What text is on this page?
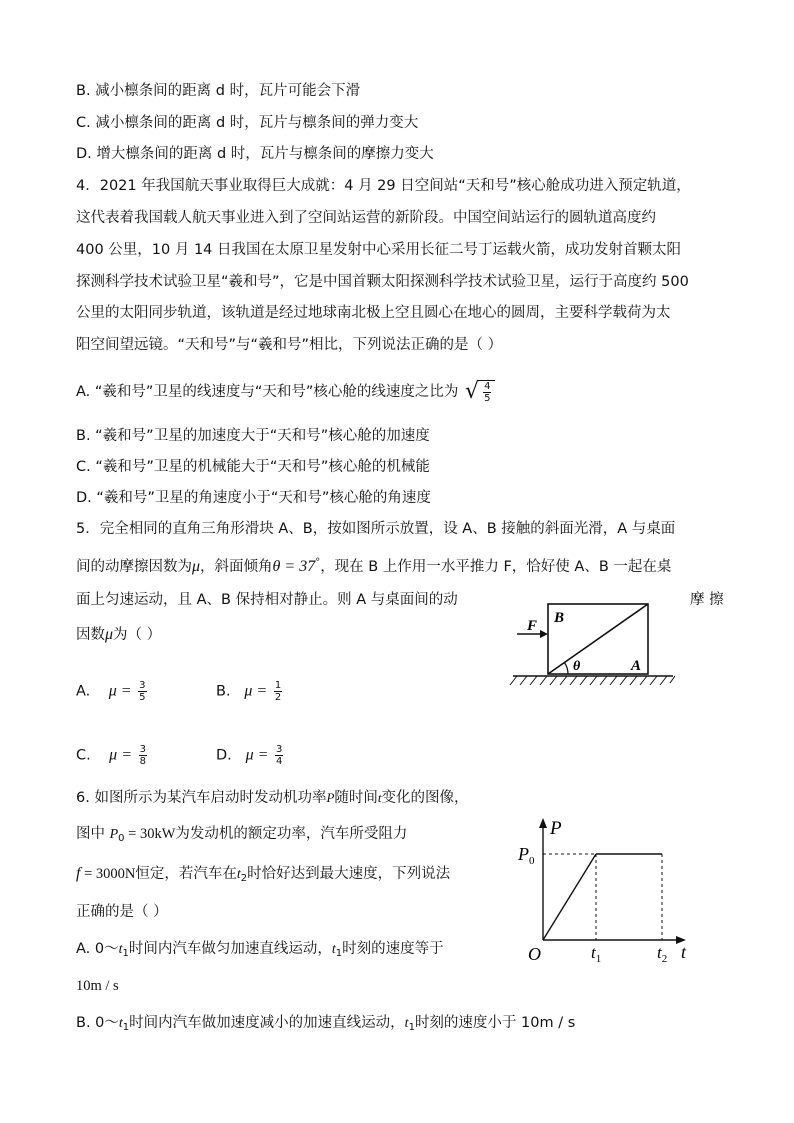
B. 减小檩条间的距离 d 时，瓦片可能会下滑
C. 减小檩条间的距离 d 时，瓦片与檩条间的弹力变大
D. 增大檩条间的距离 d 时，瓦片与檩条间的摩擦力变大
4．2021 年我国航天事业取得巨大成就：4 月 29 日空间站“天和号”核心舱成功进入预定轨道，
这代表着我国载人航天事业进入到了空间站运营的新阶段。中国空间站运行的圆轨道高度约
400 公里，10 月 14 日我国在太原卫星发射中心采用长征二号丁运载火箭，成功发射首颗太阳
探测科学技术试验卫星“羲和号”，它是中国首颗太阳探测科学技术试验卫星，运行于高度约 500
公里的太阳同步轨道，该轨道是经过地球南北极上空且圆心在地心的圆周，主要科学载荷为太
阳空间望远镜。“天和号”与“羲和号”相比，下列说法正确的是（ ）
A. “羲和号”卫星的线速度与“天和号”核心舱的线速度之比为 √ $\frac{4}{5}$
B. “羲和号”卫星的加速度大于“天和号”核心舱的加速度
C. “羲和号”卫星的机械能大于“天和号”核心舱的机械能
D. “羲和号”卫星的角速度小于“天和号”核心舱的角速度
5．完全相同的直角三角形滑块 A、B，按如图所示放置，设 A、B 接触的斜面光滑，A 与桌面
间的动摩擦因数为μ，斜面倾角θ = 37°，现在 B 上作用一水平推力 F，恰好使 A、B 一起在桌
面上匀速运动，且 A、B 保持相对静止。则 A 与桌面间的动	摩 擦
因数μ为（ ）
A. $\mu = \frac{3}{5}$	B. $\mu = \frac{1}{2}$
C. $\mu = \frac{3}{8}$	D. $\mu = \frac{3}{4}$
F B
A
θ
6. 如图所示为某汽车启动时发动机功率P随时间t变化的图像，
图中 $P_0 = 30kW$为发动机的额定功率，汽车所受阻力
f = 3000N恒定，若汽车在$t_2$时恰好达到最大速度，下列说法
正确的是（ ）
A. $0\sim t_1$时间内汽车做匀加速直线运动，$t_1$时刻的速度等于
10m / s
B. $0\sim t_1$时间内汽车做加速度减小的加速直线运动，$t_1$时刻的速度小于 10m / s
P
$P_0$
O	$t_1$	$t_2$ t
